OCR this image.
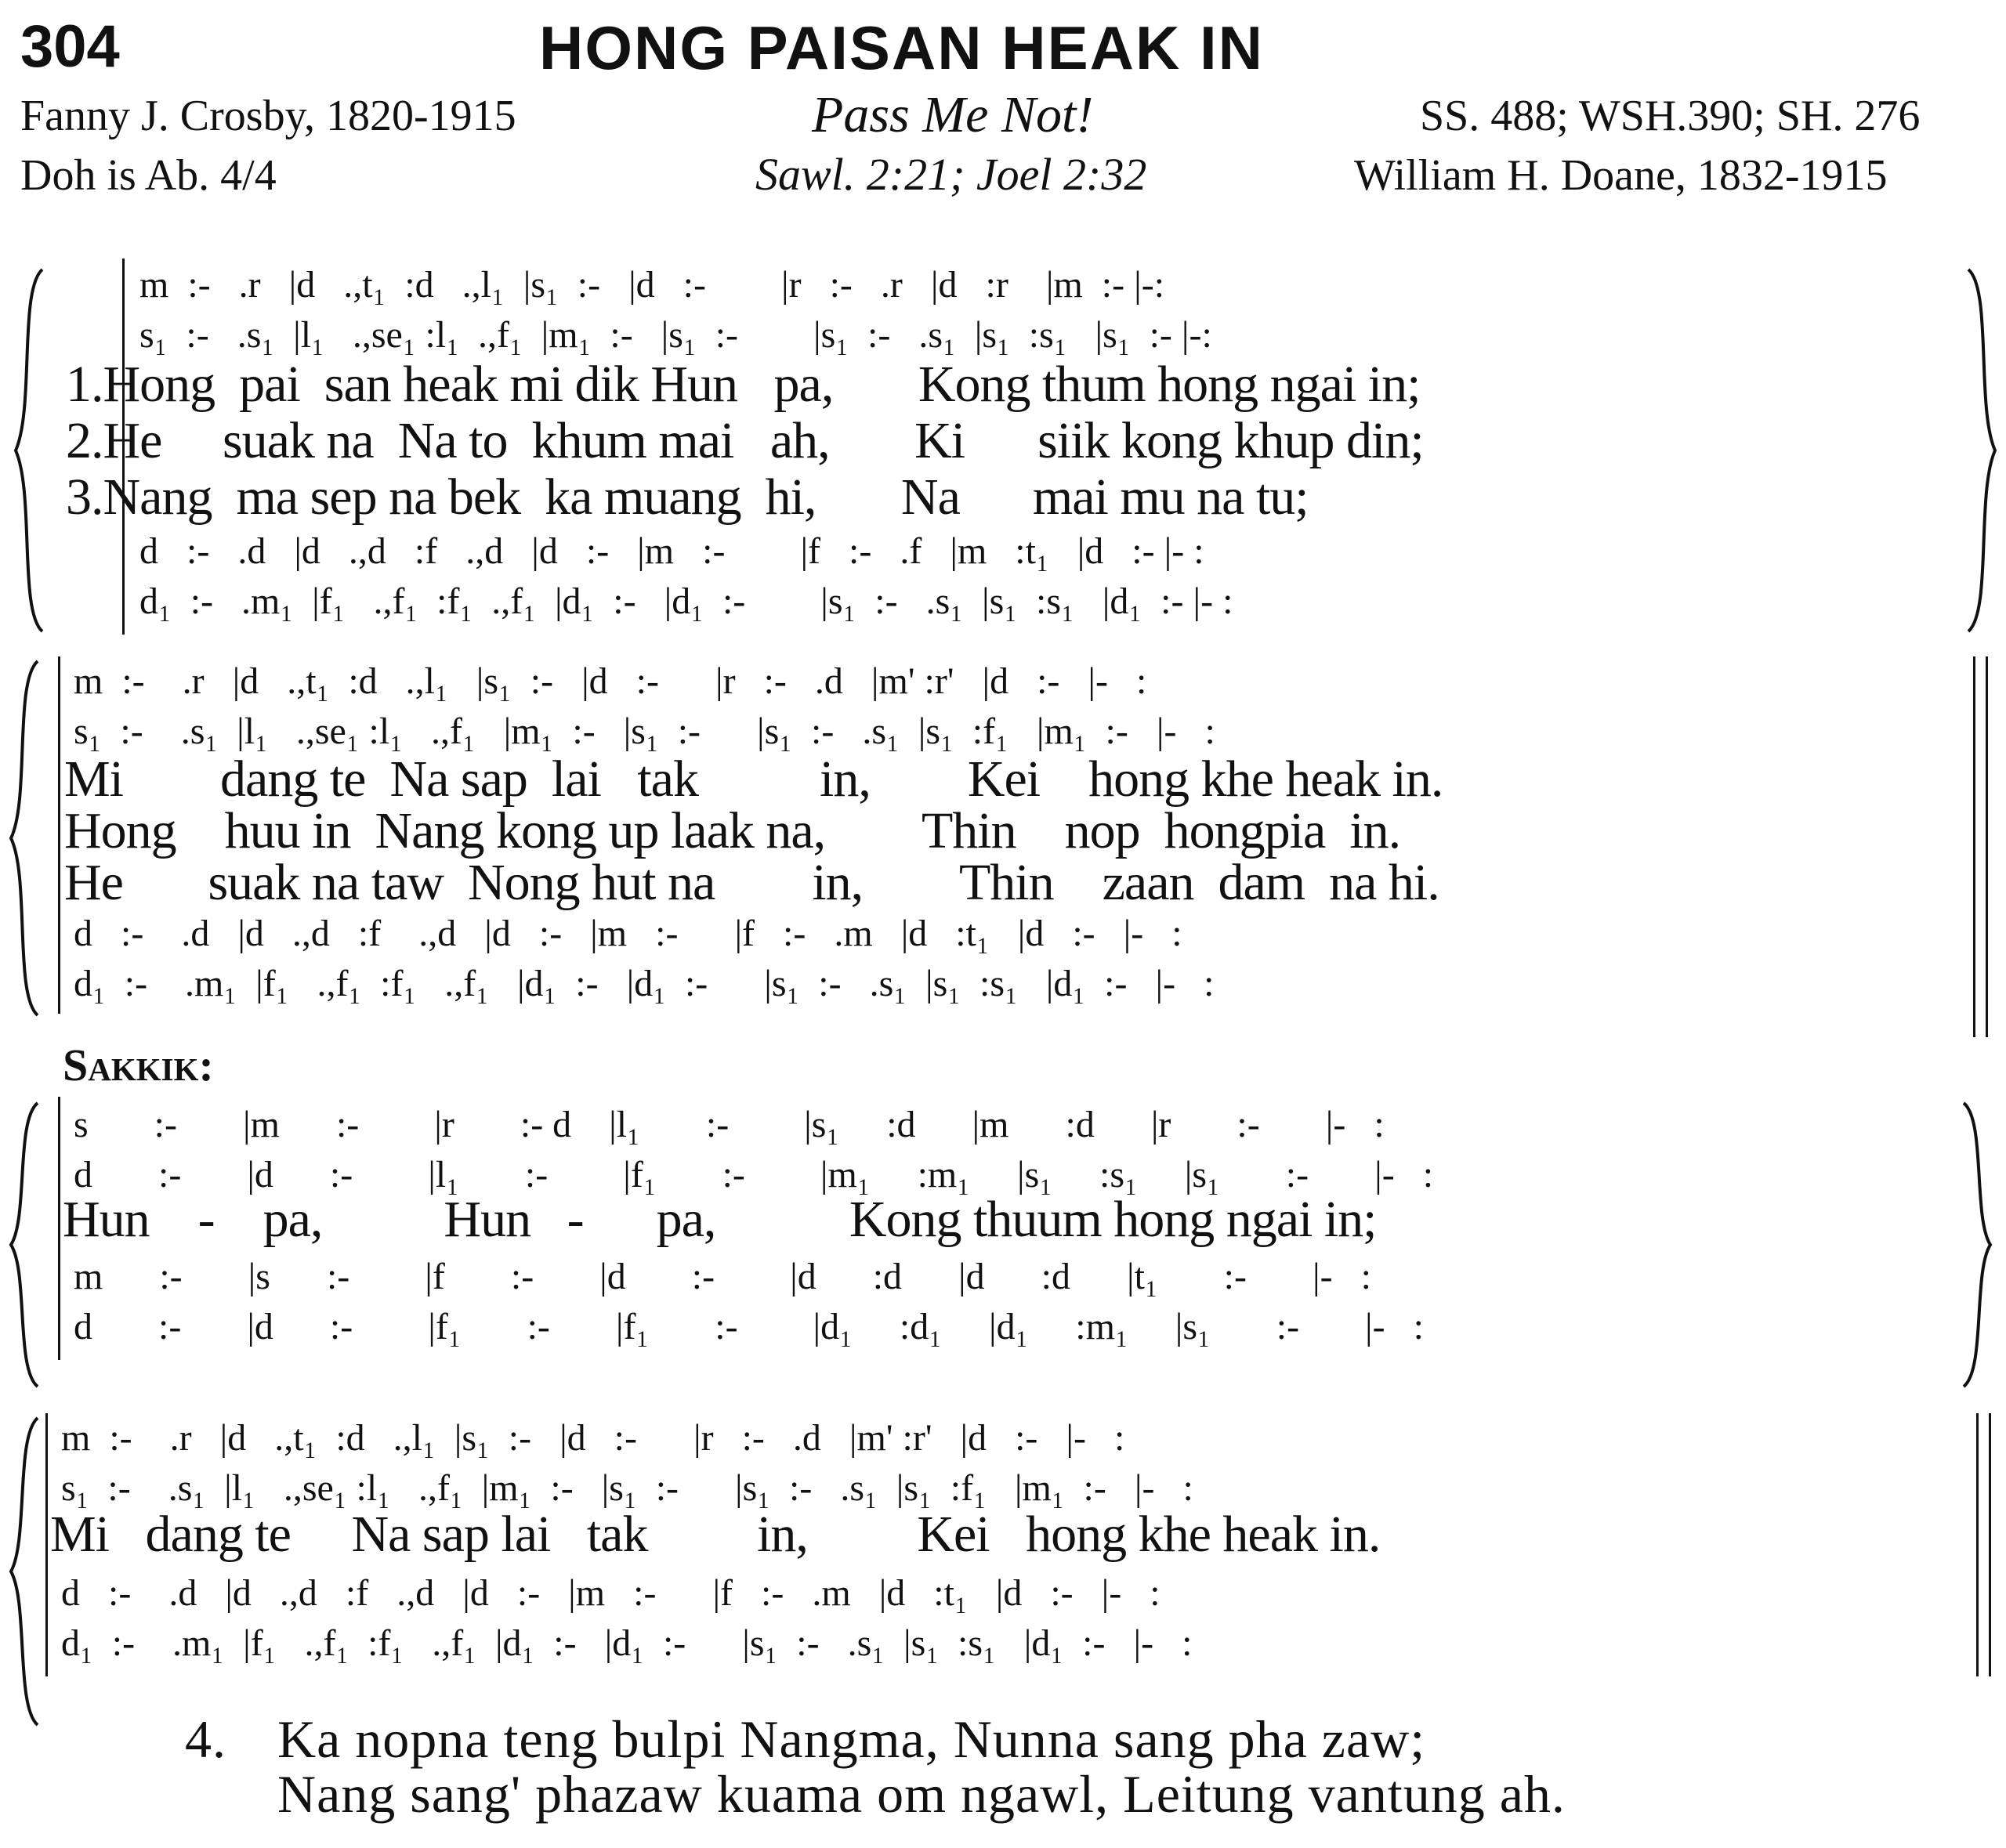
304	HONG PAISAN HEAK IN
Fanny J. Crosby, 1820-1915	Pass Me Not!	SS. 488; WSH.390; SH. 276
Doh is Ab. 4/4	Sawl. 2:21; Joel 2:32	William H. Doane, 1832-1915
m  :-   .r   |d   .,t₁  :d   .,l₁  |s₁  :-   |d   :-        |r   :-   .r   |d   :r    |m  :- |-:
s₁  :-   .s₁  |l₁   .,se₁ :l₁  .,f₁  |m₁  :-   |s₁  :-        |s₁  :-   .s₁  |s₁  :s₁   |s₁  :- |-:
1.Hong  pai  san heak mi dik Hun   pa,       Kong thum hong ngai in;
2.He     suak na  Na to  khum mai   ah,       Ki      siik kong khup din;
3.Nang  ma sep na bek  ka muang  hi,       Na      mai mu na tu;
d   :-   .d   |d   .,d   :f   .,d   |d   :-   |m   :-        |f   :-   .f   |m   :t₁   |d   :- |- :
d₁  :-   .m₁  |f₁   .,f₁  :f₁  .,f₁  |d₁  :-   |d₁  :-        |s₁  :-   .s₁  |s₁  :s₁   |d₁  :- |- :
m  :-    .r   |d   .,t₁  :d   .,l₁   |s₁  :-   |d   :-      |r   :-   .d   |m' :r'   |d   :-   |-   :
s₁  :-    .s₁  |l₁   .,se₁ :l₁   .,f₁   |m₁  :-   |s₁  :-      |s₁  :-   .s₁  |s₁  :f₁   |m₁  :-   |-   :
Mi        dang te  Na sap  lai   tak          in,        Kei    hong khe heak in.
Hong    huu in  Nang kong up laak na,        Thin    nop  hongpia  in.
He       suak na taw  Nong hut na        in,        Thin    zaan  dam  na hi.
d   :-    .d   |d   .,d   :f    .,d   |d   :-   |m   :-      |f   :-   .m   |d   :t₁   |d   :-   |-   :
d₁  :-    .m₁  |f₁   .,f₁  :f₁   .,f₁   |d₁  :-   |d₁  :-      |s₁  :-   .s₁  |s₁  :s₁   |d₁  :-   |-   :
Sakkik:
s       :-       |m      :-        |r       :- d    |l₁       :-        |s₁     :d      |m      :d      |r       :-       |-   :
d       :-       |d      :-        |l₁       :-        |f₁       :-        |m₁     :m₁     |s₁     :s₁     |s₁       :-       |-   :
Hun    -    pa,          Hun   -      pa,           Kong thuum hong ngai in;
m      :-       |s      :-        |f       :-       |d       :-        |d      :d      |d      :d      |t₁       :-       |-   :
d       :-       |d      :-        |f₁       :-       |f₁       :-        |d₁     :d₁     |d₁     :m₁     |s₁       :-       |-   :
m  :-    .r   |d   .,t₁  :d   .,l₁  |s₁  :-   |d   :-      |r   :-   .d   |m' :r'   |d   :-   |-   :
s₁  :-    .s₁  |l₁   .,se₁ :l₁   .,f₁  |m₁  :-   |s₁  :-      |s₁  :-   .s₁  |s₁  :f₁   |m₁  :-   |-   :
Mi   dang te     Na sap lai   tak         in,         Kei   hong khe heak in.
d   :-    .d   |d   .,d   :f   .,d   |d   :-   |m   :-      |f   :-   .m   |d   :t₁   |d   :-   |-   :
d₁  :-    .m₁  |f₁   .,f₁  :f₁   .,f₁  |d₁  :-   |d₁  :-      |s₁  :-   .s₁  |s₁  :s₁   |d₁  :-   |-   :
4. Ka nopna teng bulpi Nangma, Nunna sang pha zaw;
Nang sang' phazaw kuama om ngawl, Leitung vantung ah.
